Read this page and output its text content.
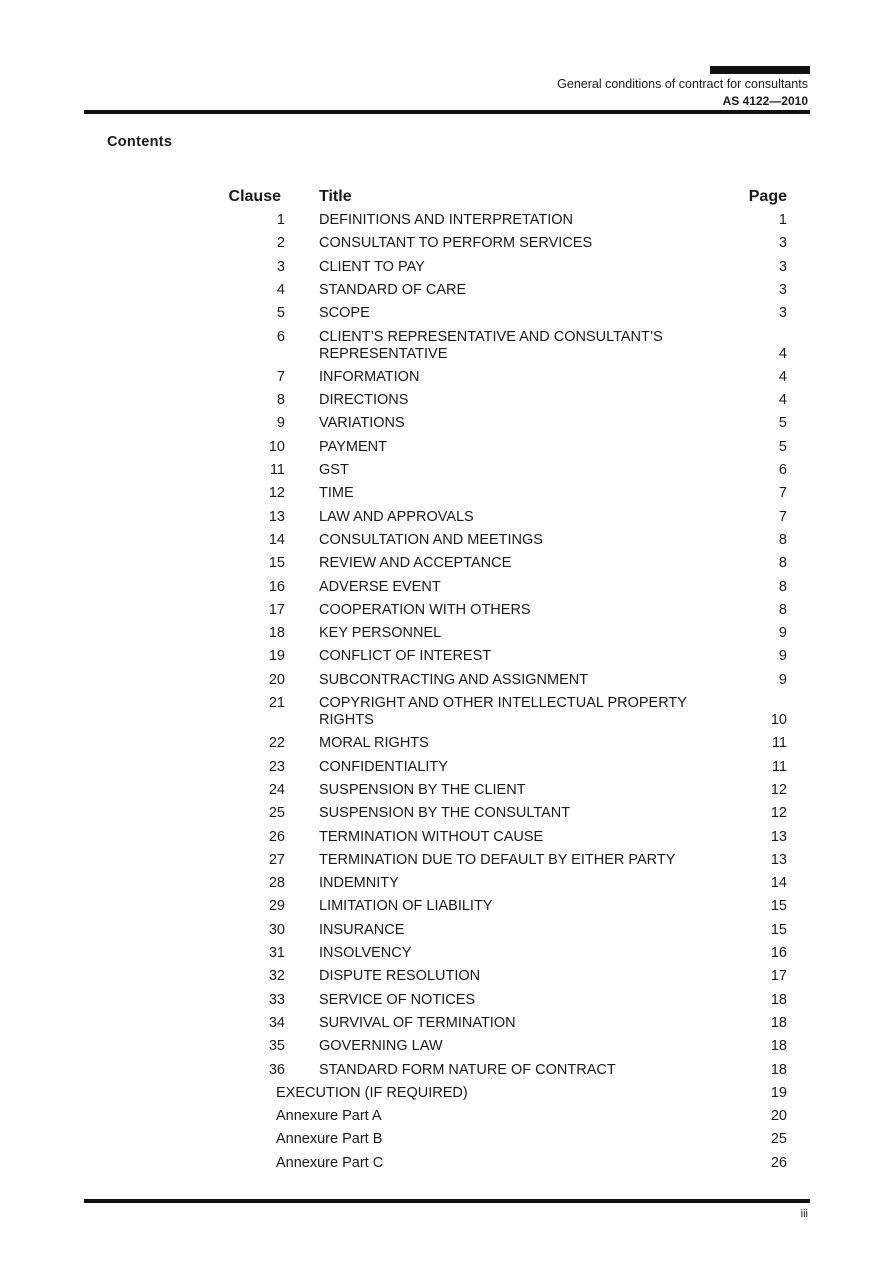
General conditions of contract for consultants
AS 4122—2010
Contents
Clause Title	Page
1 DEFINITIONS AND INTERPRETATION	1
2 CONSULTANT TO PERFORM SERVICES	3
3 CLIENT TO PAY	3
4 STANDARD OF CARE	3
5 SCOPE	3
6 CLIENT’S REPRESENTATIVE AND CONSULTANT’S REPRESENTATIVE	4
7 INFORMATION	4
8 DIRECTIONS	4
9 VARIATIONS	5
10 PAYMENT	5
11 GST	6
12 TIME	7
13 LAW AND APPROVALS	7
14 CONSULTATION AND MEETINGS	8
15 REVIEW AND ACCEPTANCE	8
16 ADVERSE EVENT	8
17 COOPERATION WITH OTHERS	8
18 KEY PERSONNEL	9
19 CONFLICT OF INTEREST	9
20 SUBCONTRACTING AND ASSIGNMENT	9
21 COPYRIGHT AND OTHER INTELLECTUAL PROPERTY RIGHTS	10
22 MORAL RIGHTS	11
23 CONFIDENTIALITY	11
24 SUSPENSION BY THE CLIENT	12
25 SUSPENSION BY THE CONSULTANT	12
26 TERMINATION WITHOUT CAUSE	13
27 TERMINATION DUE TO DEFAULT BY EITHER PARTY	13
28 INDEMNITY	14
29 LIMITATION OF LIABILITY	15
30 INSURANCE	15
31 INSOLVENCY	16
32 DISPUTE RESOLUTION	17
33 SERVICE OF NOTICES	18
34 SURVIVAL OF TERMINATION	18
35 GOVERNING LAW	18
36 STANDARD FORM NATURE OF CONTRACT	18
EXECUTION (IF REQUIRED)	19
Annexure Part A	20
Annexure Part B	25
Annexure Part C	26
iii
